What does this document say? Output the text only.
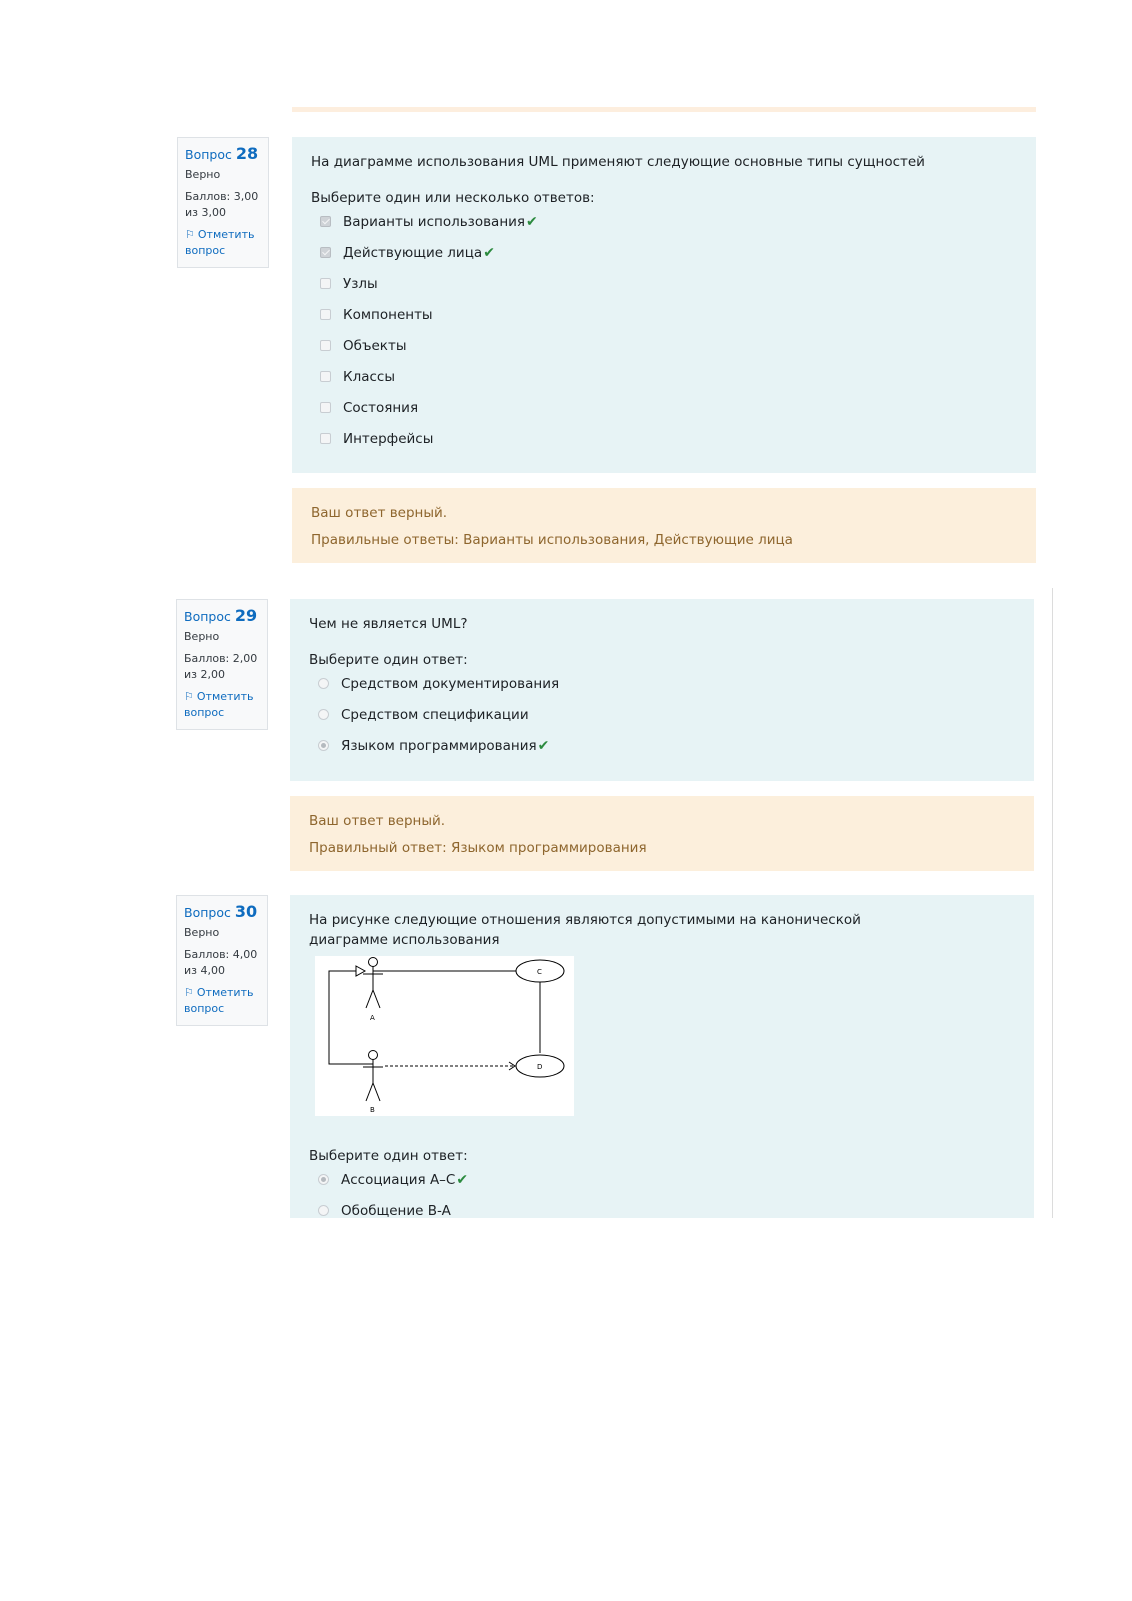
Вопрос 28
Верно
Баллов: 3,00 из 3,00
⚐ Отметить вопрос
На диаграмме использования UML применяют следующие основные типы сущностей
Выберите один или несколько ответов:
Варианты использования ✔
Действующие лица ✔
Узлы
Компоненты
Объекты
Классы
Состояния
Интерфейсы
Ваш ответ верный.
Правильные ответы: Варианты использования, Действующие лица
Вопрос 29
Верно
Баллов: 2,00 из 2,00
⚐ Отметить вопрос
Чем не является UML?
Выберите один ответ:
Средством документирования
Средством спецификации
Языком программирования ✔
Ваш ответ верный.
Правильный ответ: Языком программирования
Вопрос 30
Верно
Баллов: 4,00 из 4,00
⚐ Отметить вопрос
На рисунке следующие отношения являются допустимыми на канонической диаграмме использования
A
B
C
D
Выберите один ответ:
Ассоциация A–C ✔
Обобщение B-A
